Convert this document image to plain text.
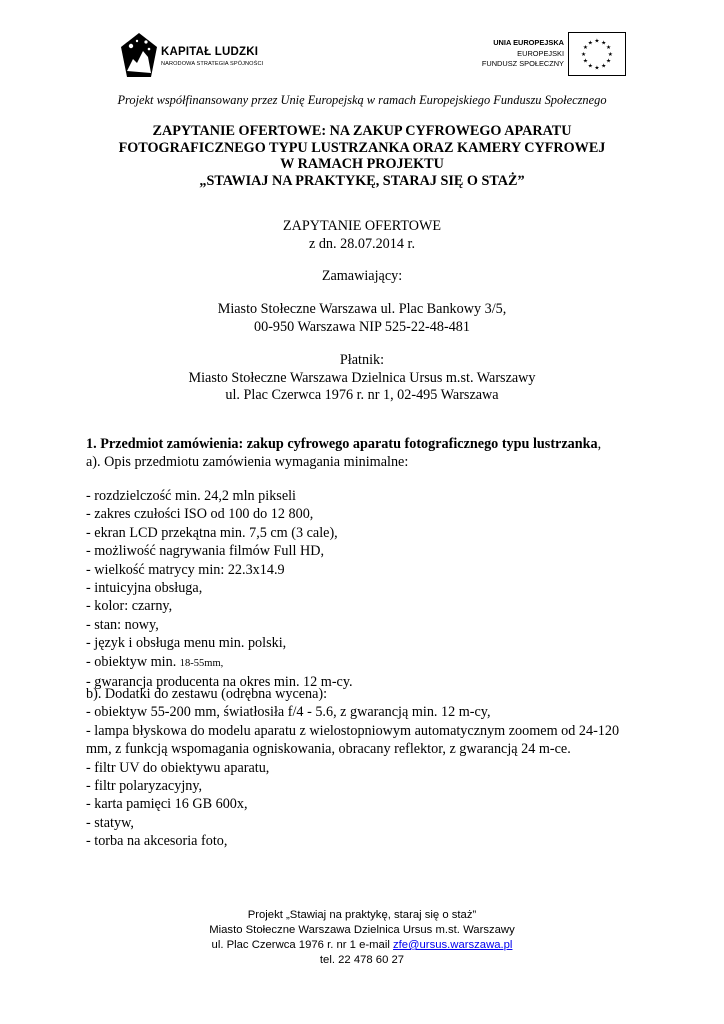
KAPITAŁ LUDZKI
NARODOWA STRATEGIA SPÓJNOŚCI
UNIA EUROPEJSKA
EUROPEJSKI
FUNDUSZ SPOŁECZNY
★ ★
★
★
★
★
★
★
★
★
★
★
Projekt współfinansowany przez Unię Europejską w ramach Europejskiego Funduszu Społecznego
ZAPYTANIE OFERTOWE: NA ZAKUP CYFROWEGO APARATU
FOTOGRAFICZNEGO TYPU LUSTRZANKA ORAZ KAMERY CYFROWEJ
W RAMACH PROJEKTU
„STAWIAJ NA PRAKTYKĘ, STARAJ SIĘ O STAŻ”
ZAPYTANIE OFERTOWE
z dn. 28.07.2014 r.
Zamawiający:
Miasto Stołeczne Warszawa ul. Plac Bankowy 3/5,
00-950 Warszawa NIP 525-22-48-481
Płatnik:
Miasto Stołeczne Warszawa Dzielnica Ursus m.st. Warszawy
ul. Plac Czerwca 1976 r. nr 1, 02-495 Warszawa
1. Przedmiot zamówienia: zakup cyfrowego aparatu fotograficznego typu lustrzanka,
a). Opis przedmiotu zamówienia wymagania minimalne:
- rozdzielczość min. 24,2 mln pikseli
- zakres czułości ISO od 100 do 12 800,
- ekran LCD przekątna min. 7,5 cm (3 cale),
- możliwość nagrywania filmów Full HD,
- wielkość matrycy min: 22.3x14.9
- intuicyjna obsługa,
- kolor: czarny,
- stan: nowy,
- język i obsługa menu min. polski,
- obiektyw min. 18-55mm,
- gwarancja producenta na okres min. 12 m-cy.
b). Dodatki do zestawu (odrębna wycena):
- obiektyw 55-200 mm, światłosiła f/4 - 5.6, z gwarancją min. 12 m-cy,
- lampa błyskowa do modelu aparatu z wielostopniowym automatycznym zoomem od 24-120
mm, z funkcją wspomagania ogniskowania, obracany reflektor, z gwarancją 24 m-ce.
- filtr UV do obiektywu aparatu,
- filtr polaryzacyjny,
- karta pamięci 16 GB 600x,
- statyw,
- torba na akcesoria foto,
Projekt „Stawiaj na praktykę, staraj się o staż”
Miasto Stołeczne Warszawa Dzielnica Ursus m.st. Warszawy
ul. Plac Czerwca 1976 r. nr 1 e-mail zfe@ursus.warszawa.pl
tel. 22 478 60 27
